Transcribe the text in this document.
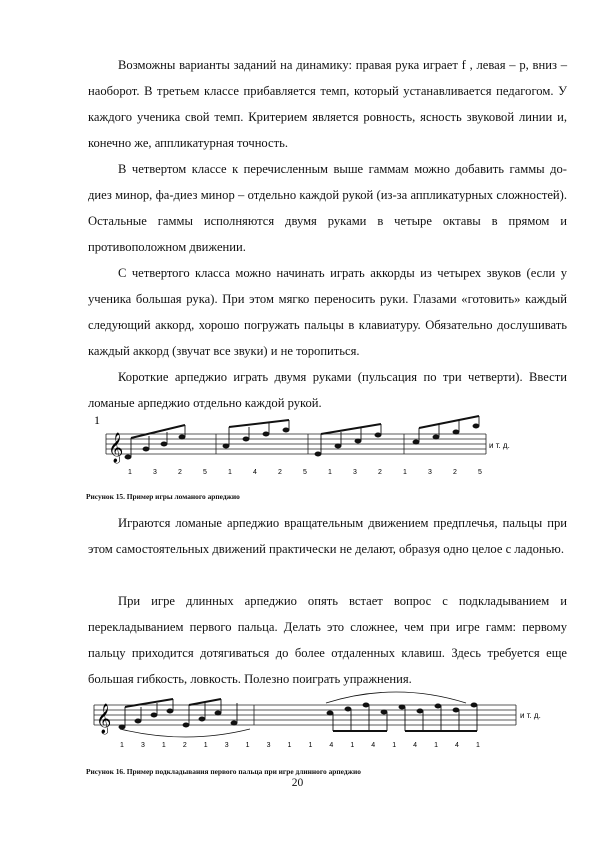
Возможны варианты заданий на динамику: правая рука играет f , левая – p, вниз – наоборот. В третьем классе прибавляется темп, который устанавливается педагогом. У каждого ученика свой темп. Критерием является ровность, ясность звуковой линии и, конечно же, аппликатурная точность.

В четвертом классе к перечисленным выше гаммам можно добавить гаммы до-диез минор, фа-диез минор – отдельно каждой рукой (из-за аппликатурных сложностей). Остальные гаммы исполняются двумя руками в четыре октавы в прямом и противоположном движении.

С четвертого класса можно начинать играть аккорды из четырех звуков (если у ученика большая рука). При этом мягко переносить руки. Глазами «готовить» каждый следующий аккорд, хорошо погружать пальцы в клавиатуру. Обязательно дослушивать каждый аккорд (звучат все звуки) и не торопиться.

Короткие арпеджио играть двумя руками (пульсация по три четверти). Ввести ломаные арпеджио отдельно каждой рукой.

1
𝄞	и т. д.
1	3	2	5	1	4	2	5	1	3	2	1	3	2	5

Рисунок 15. Пример игры ломаного арпеджио

Играются ломаные арпеджио вращательным движением предплечья, пальцы при этом самостоятельных движений практически не делают, образуя одно целое с ладонью.

При игре длинных арпеджио опять встает вопрос с подкладыванием и перекладыванием первого пальца. Делать это сложнее, чем при игре гамм: первому пальцу приходится дотягиваться до более отдаленных клавиш. Здесь требуется еще большая гибкость, ловкость. Полезно поиграть упражнения.

𝄞	и т. д.
1 3 1 2 1 3 1 3 1 1 4 1 4 1 4 1 4 1

Рисунок 16. Пример подкладывания первого пальца при игре длинного арпеджио

20
